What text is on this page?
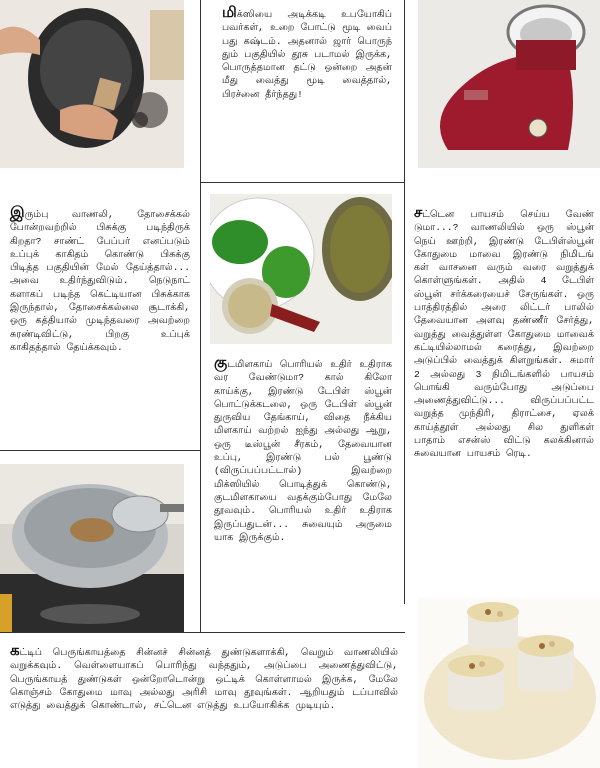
மிக்ஸியை அடிக்கடி உபயோகிப் பவர்கள், உறை போட்டு மூடி வைப் பது கஷ்டம். அதனால் ஜார் பொருந் தும் பகுதியில் தூசு படாமல் இருக்க, பொருத்தமான தட்டு ஒன்றை அதன் மீது வைத்து மூடி வைத்தால், பிரச்னை தீர்ந்தது!
இரும்பு வாணலி, தோசைக்கல் போன்றவற்றில் பிசுக்கு படிந்திருக் கிறதா? சாண்ட் பேப்பர் எனப்படும் உப்புக் காகிதம் கொண்டு பிசுக்கு பிடித்த பகுதியின் மேல் தேய்த்தால்... அவை உதிர்ந்துவிடும். நெடுநாட் களாகப் படிந்த கெட்டியான பிசுக்காக இருந்தால், தோசைக்கல்லை சூடாக்கி, ஒரு கத்தியால் முடிந்தவரை அவற்றை சுரண்டிவிட்டு, பிறகு உப்புக் காகிதத்தால் தேய்க்கவும்.
குடமிளகாய் பொரியல் உதிர் உதிராக வர வேண்டுமா? கால் கிலோ காய்க்கு, இரண்டு டேபிள் ஸ்பூன் பொட்டுக்கடலை, ஒரு டேபிள் ஸ்பூன் துருவிய தேங்காய், விதை நீக்கிய மிளகாய் வற்றல் ஐந்து அல்லது ஆறு, ஒரு டீஸ்பூன் சீரகம், தேவையான உப்பு, இரண்டு பல் பூண்டு (விருப்பப்பட்டால்) இவற்றை மிக்ஸியில் பொடித்துக் கொண்டு, குடமிளகாயை வதக்கும்போது மேலே தூவவும். பொரியல் உதிர் உதிராக இருப்பதுடன்... சுவையும் அருமை யாக இருக்கும்.
சட்டென பாயசம் செய்ய வேண் டுமா...? வாணலியில் ஒரு ஸ்பூன் நெய் ஊற்றி, இரண்டு டேபிள்ஸ்பூன் கோதுமை மாவை இரண்டு நிமிடங் கள் வாசனை வரும் வரை வறுத்துக் கொள்ளுங்கள். அதில் 4 டேபிள் ஸ்பூன் சர்க்கரையைச் சேருங்கள். ஒரு பாத்திரத்தில் அரை லிட்டர் பாலில் தேவையான அளவு தண்ணீர் சேர்த்து, வறுத்து வைத்துள்ள கோதுமை மாவைக் கட்டியில்லாமல் கரைத்து, இவற்றை அடுப்பில் வைத்துக் கிளறுங்கள். சுமார் 2 அல்லது 3 நிமிடங்களில் பாயசம் பொங்கி வரும்போது அடுப்பை அணைத்துவிட்டு... விருப்பப்பட்ட வறுத்த முந்திரி, திராட்சை, ஏலக் காய்த்தூள் அல்லது சில துளிகள் பாதாம் எசன்ஸ் விட்டு கலக்கினால் சுவையான பாயசம் ரெடி.
கட்டிப் பெருங்காயத்தை சின்னச் சின்னத் துண்டுகளாக்கி, வெறும் வாணலியில் வறுக்கவும். வெள்ளையாகப் பொரிந்து வந்ததும், அடுப்பை அணைத்துவிட்டு, பெருங்காயத் துண்டுகள் ஒன்றோடொன்று ஒட்டிக் கொள்ளாமல் இருக்க, மேலே கொஞ்சம் கோதுமை மாவு அல்லது அரிசி மாவு தூவுங்கள். ஆறியதும் டப்பாவில் எடுத்து வைத்துக் கொண்டால், சட்டென எடுத்து உபயோகிக்க முடியும்.
